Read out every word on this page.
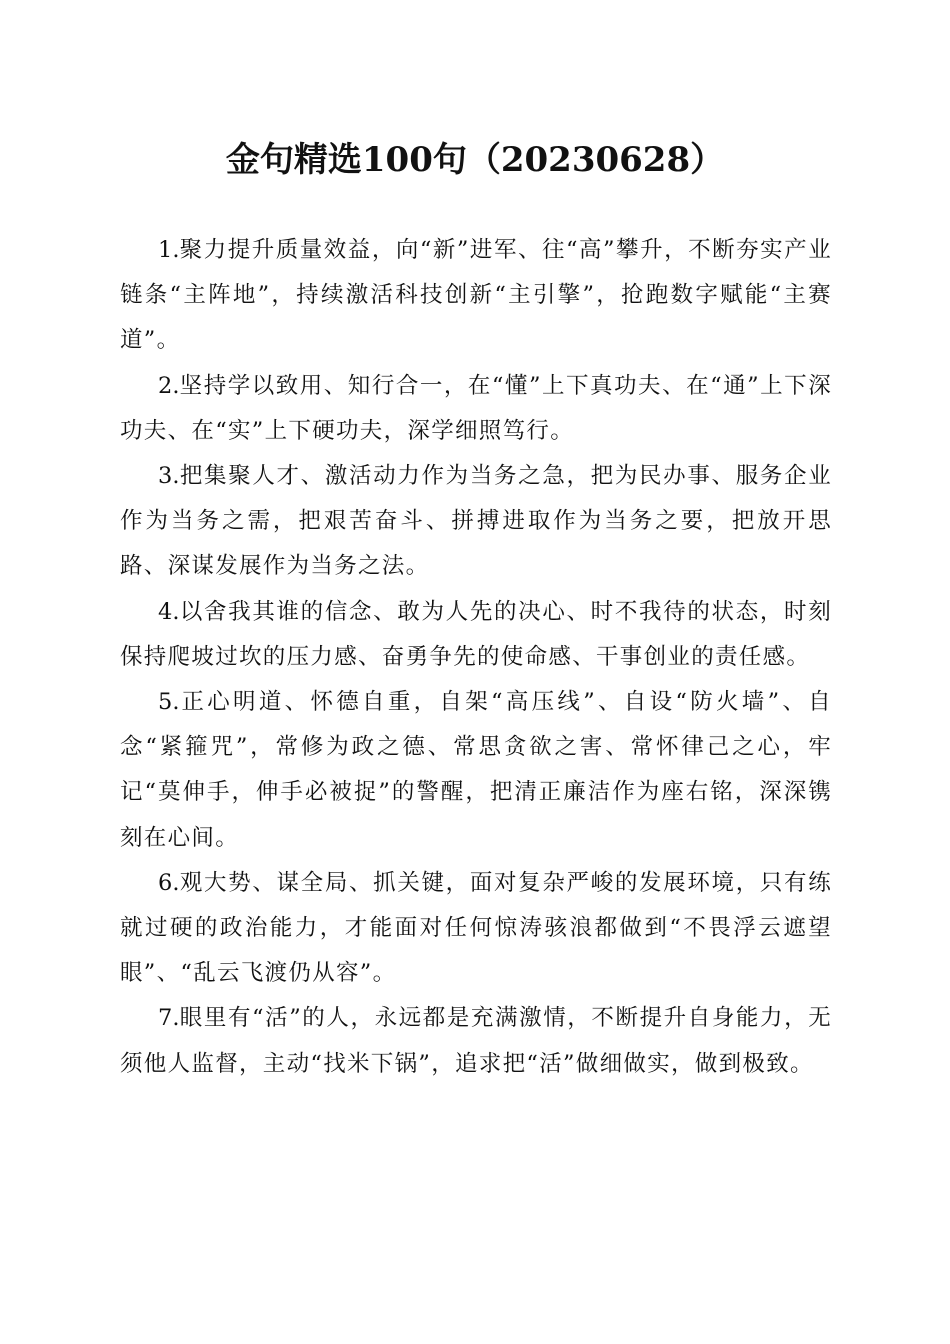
金句精选100句（20230628）

1.聚力提升质量效益，向“新”进军、往“高”攀升，不断夯实产业链条“主阵地”，持续激活科技创新“主引擎”，抢跑数字赋能“主赛道”。

2.坚持学以致用、知行合一，在“懂”上下真功夫、在“通”上下深功夫、在“实”上下硬功夫，深学细照笃行。

3.把集聚人才、激活动力作为当务之急，把为民办事、服务企业作为当务之需，把艰苦奋斗、拼搏进取作为当务之要，把放开思路、深谋发展作为当务之法。

4.以舍我其谁的信念、敢为人先的决心、时不我待的状态，时刻保持爬坡过坎的压力感、奋勇争先的使命感、干事创业的责任感。

5.正心明道、怀德自重，自架“高压线”、自设“防火墙”、自念“紧箍咒”，常修为政之德、常思贪欲之害、常怀律己之心，牢记“莫伸手，伸手必被捉”的警醒，把清正廉洁作为座右铭，深深镌刻在心间。

6.观大势、谋全局、抓关键，面对复杂严峻的发展环境，只有练就过硬的政治能力，才能面对任何惊涛骇浪都做到“不畏浮云遮望眼”、“乱云飞渡仍从容”。

7.眼里有“活”的人，永远都是充满激情，不断提升自身能力，无须他人监督，主动“找米下锅”，追求把“活”做细做实，做到极致。
